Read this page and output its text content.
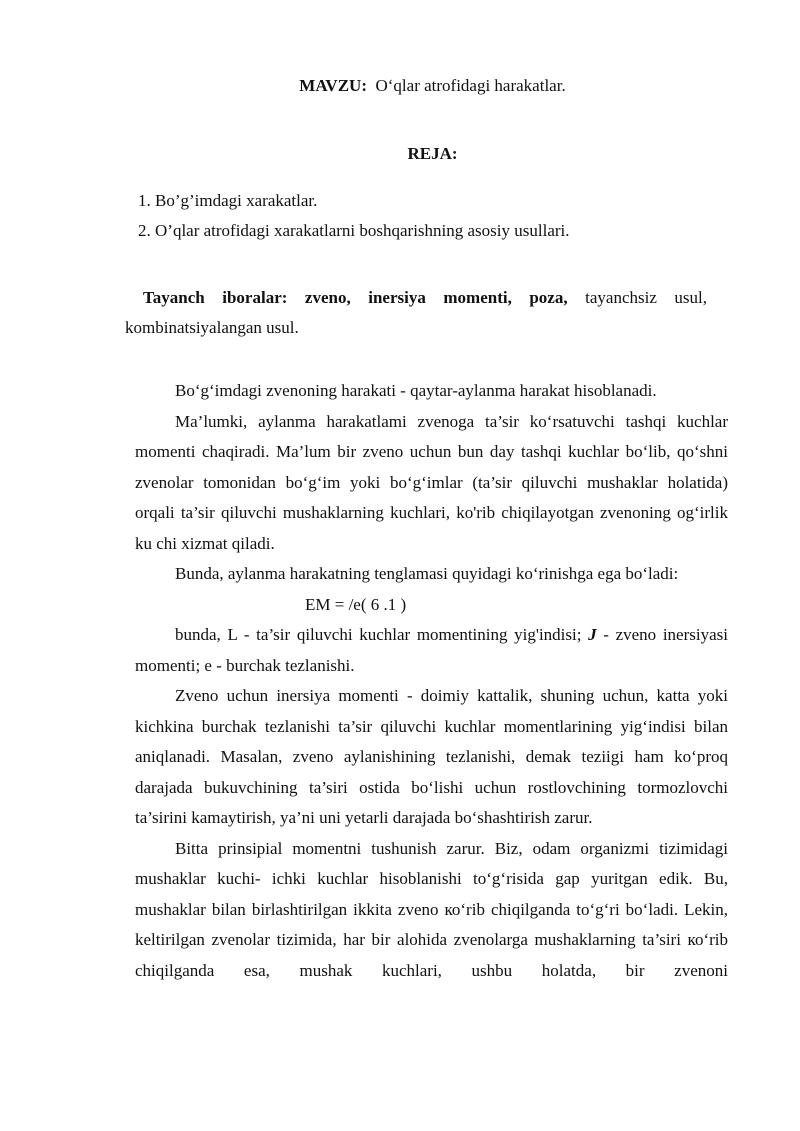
MAVZU: O‘qlar atrofidagi harakatlar.
REJA:
1. Bo’g’imdagi xarakatlar.
2. O’qlar atrofidagi xarakatlarni boshqarishning asosiy usullari.
Tayanch iboralar: zveno, inersiya momenti, poza, tayanchsiz usul,
kombinatsiyalangan usul.

Bo‘g‘imdagi zvenoning harakati - qaytar-aylanma harakat hisoblanadi.

Ma’lumki, aylanma harakatlami zvenoga ta’sir ko‘rsatuvchi tashqi kuchlar momenti chaqiradi. Ma’lum bir zveno uchun bun day tashqi kuchlar bo‘lib, qo‘shni zvenolar tomonidan bo‘g‘im yoki bo‘g‘imlar (ta’sir qiluvchi mushaklar holatida) orqali ta’sir qiluvchi mushaklarning kuchlari, ko'rib chiqilayotgan zvenoning og‘irlik ku chi xizmat qiladi.

Bunda, aylanma harakatning tenglamasi quyidagi ko‘rinishga ega bo‘ladi:

EM = /e( 6 .1 )

bunda, L - ta’sir qiluvchi kuchlar momentining yig'indisi; J - zveno inersiyasi momenti; e - burchak tezlanishi.

Zveno uchun inersiya momenti - doimiy kattalik, shuning uchun, katta yoki kichkina burchak tezlanishi ta’sir qiluvchi kuchlar momentlarining yig‘indisi bilan aniqlanadi. Masalan, zveno aylanishining tezlanishi, demak teziigi ham ko‘proq darajada bukuvchining ta’siri ostida bo‘lishi uchun rostlovchining tormozlovchi ta’sirini kamaytirish, ya’ni uni yetarli darajada bo‘shashtirish zarur.

Bitta prinsipial momentni tushunish zarur. Biz, odam organizmi tizimidagi mushaklar kuchi- ichki kuchlar hisoblanishi to‘g‘risida gap yuritgan edik. Bu, mushaklar bilan birlashtirilgan ikkita zveno ко‘rib chiqilganda to‘g‘ri bo‘ladi. Lekin, keltirilgan zvenolar tizimida, har bir alohida zvenolarga mushaklarning ta’siri ко‘rib chiqilganda esa, mushak kuchlari, ushbu holatda, bir zvenoni
